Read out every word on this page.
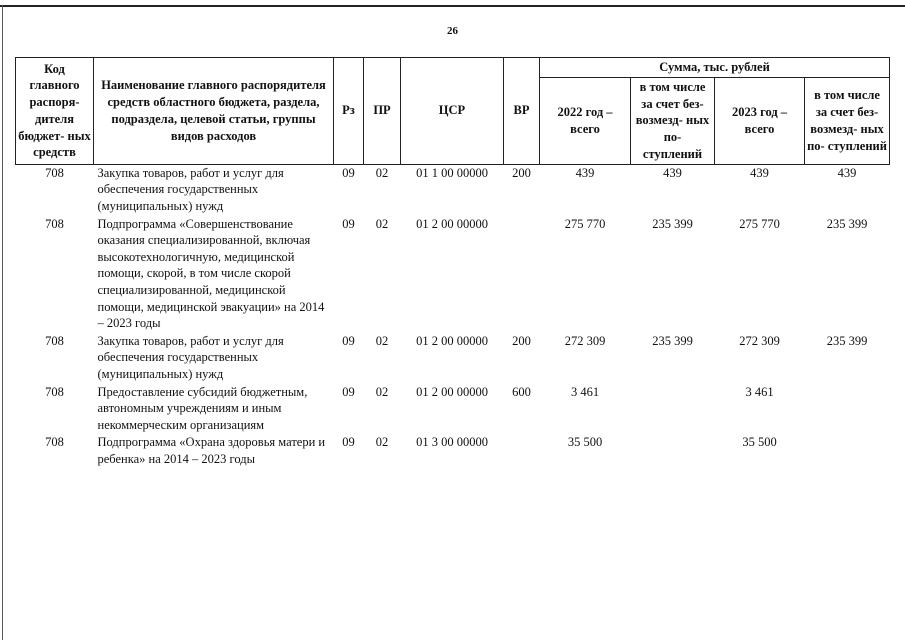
26
Код главного распоря- дителя бюджет- ных средств	Наименование главного распорядителя средств областного бюджета, раздела, подраздела, целевой статьи, группы видов расходов	Рз	ПР	ЦСР	ВР	Сумма, тыс. рублей			
						2022 год – всего	в том числе за счет без- возмезд- ных по- ступлений	2023 год – всего	в том числе за счет без- возмезд- ных по- ступлений
708	Закупка товаров, работ и услуг для обеспечения государственных (муниципальных) нужд	09	02	01 1 00 00000	200	439	439	439	439
708	Подпрограмма «Совершенствование оказания специализированной, включая высокотехнологичную, медицинской помощи, скорой, в том числе скорой специализированной, медицинской помощи, медицинской эвакуации» на 2014 – 2023 годы	09	02	01 2 00 00000		275 770	235 399	275 770	235 399
708	Закупка товаров, работ и услуг для обеспечения государственных (муниципальных) нужд	09	02	01 2 00 00000	200	272 309	235 399	272 309	235 399
708	Предоставление субсидий бюджетным, автономным учреждениям и иным некоммерческим организациям	09	02	01 2 00 00000	600	3 461		3 461	
708	Подпрограмма «Охрана здоровья матери и ребенка» на 2014 – 2023 годы	09	02	01 3 00 00000		35 500		35 500	
